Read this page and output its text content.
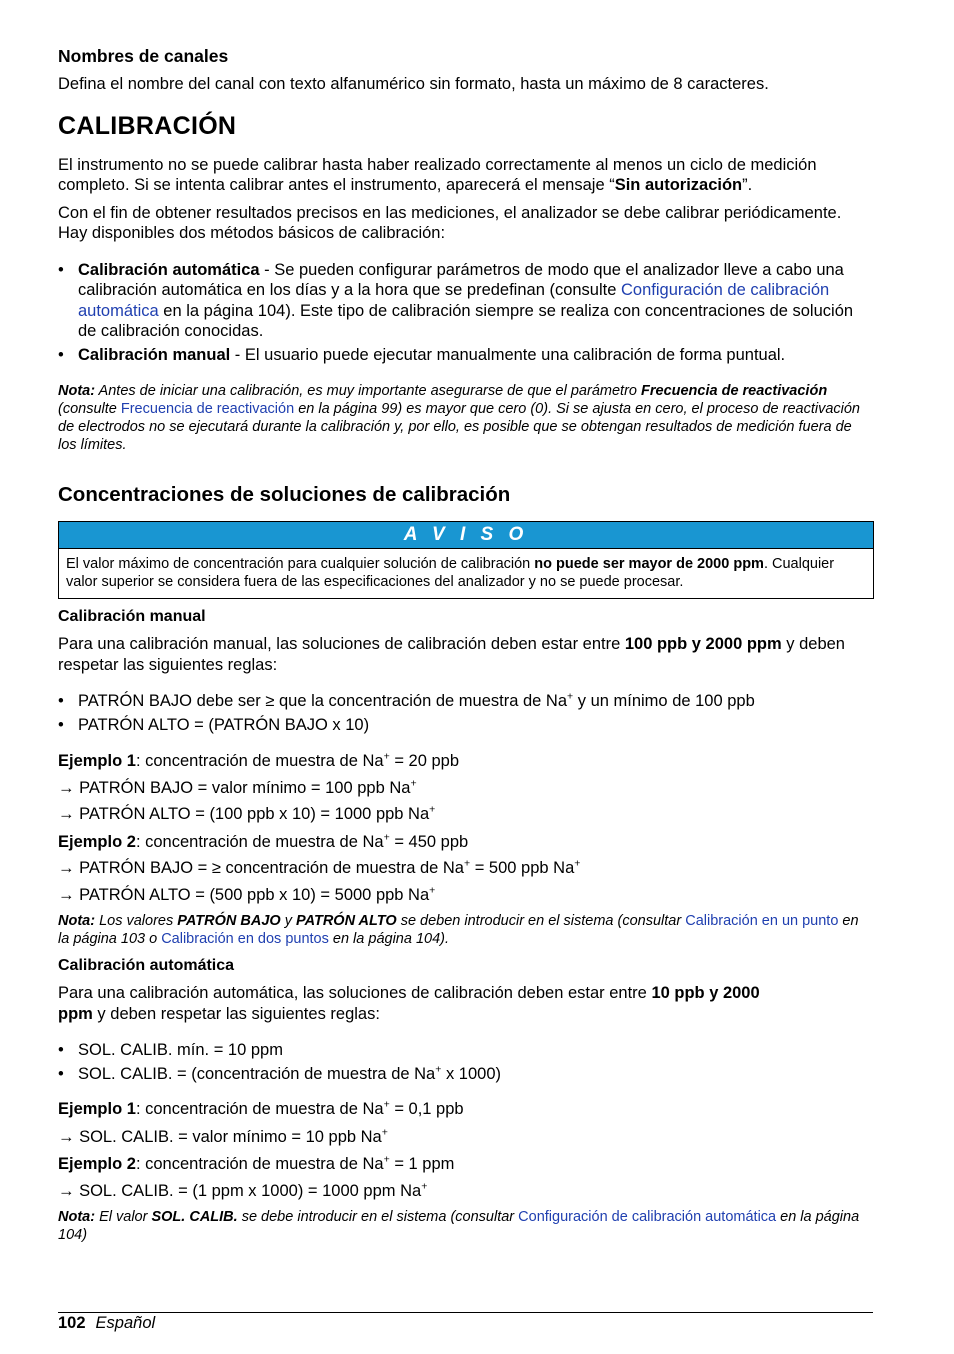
Nombres de canales

Defina el nombre del canal con texto alfanumérico sin formato, hasta un máximo de 8 caracteres.

CALIBRACIÓN

El instrumento no se puede calibrar hasta haber realizado correctamente al menos un ciclo de medición completo. Si se intenta calibrar antes el instrumento, aparecerá el mensaje “Sin autorización”.

Con el fin de obtener resultados precisos en las mediciones, el analizador se debe calibrar periódicamente. Hay disponibles dos métodos básicos de calibración:

• Calibración automática - Se pueden configurar parámetros de modo que el analizador lleve a cabo una calibración automática en los días y a la hora que se predefinan (consulte Configuración de calibración automática en la página 104). Este tipo de calibración siempre se realiza con concentraciones de solución de calibración conocidas.
• Calibración manual - El usuario puede ejecutar manualmente una calibración de forma puntual.

Nota: Antes de iniciar una calibración, es muy importante asegurarse de que el parámetro Frecuencia de reactivación (consulte Frecuencia de reactivación en la página 99) es mayor que cero (0). Si se ajusta en cero, el proceso de reactivación de electrodos no se ejecutará durante la calibración y, por ello, es posible que se obtengan resultados de medición fuera de los límites.

Concentraciones de soluciones de calibración
A V I S O
El valor máximo de concentración para cualquier solución de calibración no puede ser mayor de 2000 ppm. Cualquier valor superior se considera fuera de las especificaciones del analizador y no se puede procesar.
Calibración manual

Para una calibración manual, las soluciones de calibración deben estar entre 100 ppb y 2000 ppm y deben respetar las siguientes reglas:

• PATRÓN BAJO debe ser ≥ que la concentración de muestra de Na+ y un mínimo de 100 ppb
• PATRÓN ALTO = (PATRÓN BAJO x 10)

Ejemplo 1: concentración de muestra de Na+ = 20 ppb

→ PATRÓN BAJO = valor mínimo = 100 ppb Na+

→ PATRÓN ALTO = (100 ppb x 10) = 1000 ppb Na+

Ejemplo 2: concentración de muestra de Na+ = 450 ppb

→ PATRÓN BAJO = ≥ concentración de muestra de Na+ = 500 ppb Na+

→ PATRÓN ALTO = (500 ppb x 10) = 5000 ppb Na+

Nota: Los valores PATRÓN BAJO y PATRÓN ALTO se deben introducir en el sistema (consultar Calibración en un punto en la página 103 o Calibración en dos puntos en la página 104).

Calibración automática

Para una calibración automática, las soluciones de calibración deben estar entre 10 ppb y 2000 ppm y deben respetar las siguientes reglas:

• SOL. CALIB. mín. = 10 ppm
• SOL. CALIB. = (concentración de muestra de Na+ x 1000)

Ejemplo 1: concentración de muestra de Na+ = 0,1 ppb

→ SOL. CALIB. = valor mínimo = 10 ppb Na+

Ejemplo 2: concentración de muestra de Na+ = 1 ppm

→ SOL. CALIB. = (1 ppm x 1000) = 1000 ppm Na+

Nota: El valor SOL. CALIB. se debe introducir en el sistema (consultar Configuración de calibración automática en la página 104)

102 Español
